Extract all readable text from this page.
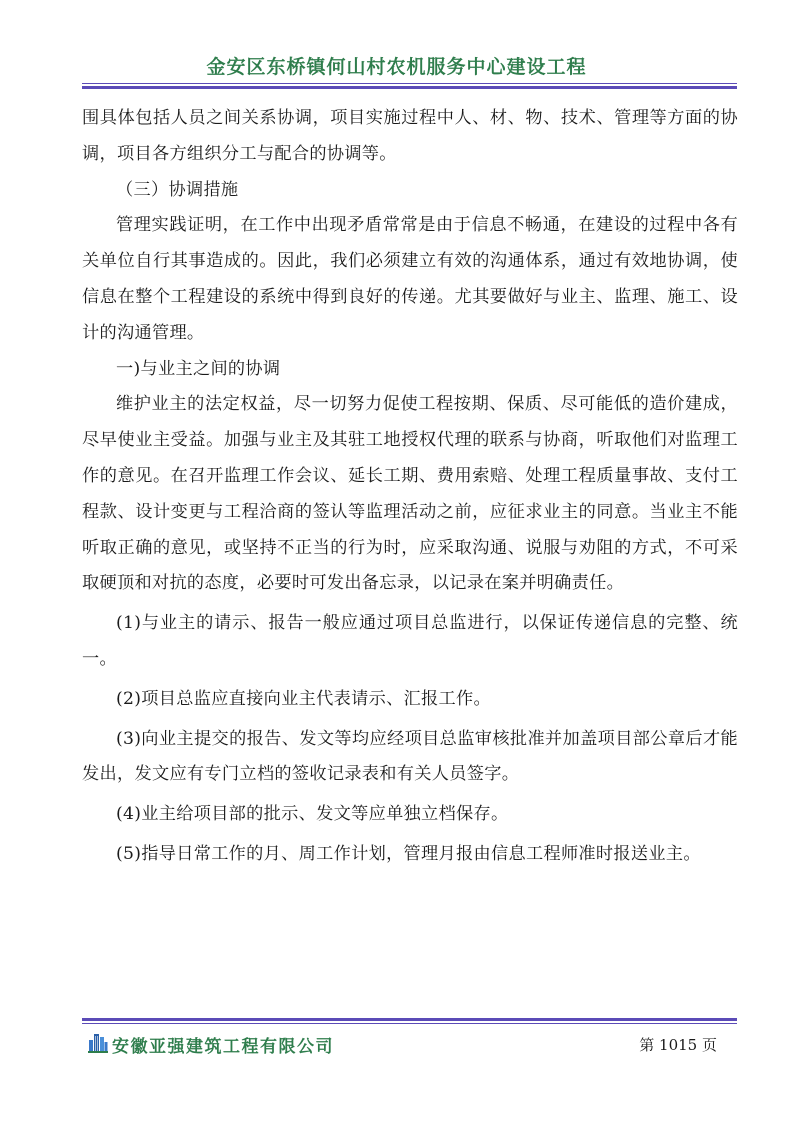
金安区东桥镇何山村农机服务中心建设工程

围具体包括人员之间关系协调，项目实施过程中人、材、物、技术、管理等方面的协调，项目各方组织分工与配合的协调等。

（三）协调措施

管理实践证明，在工作中出现矛盾常常是由于信息不畅通，在建设的过程中各有关单位自行其事造成的。因此，我们必须建立有效的沟通体系，通过有效地协调，使信息在整个工程建设的系统中得到良好的传递。尤其要做好与业主、监理、施工、设计的沟通管理。

一)与业主之间的协调

维护业主的法定权益，尽一切努力促使工程按期、保质、尽可能低的造价建成，尽早使业主受益。加强与业主及其驻工地授权代理的联系与协商，听取他们对监理工作的意见。在召开监理工作会议、延长工期、费用索赔、处理工程质量事故、支付工程款、设计变更与工程洽商的签认等监理活动之前，应征求业主的同意。当业主不能听取正确的意见，或坚持不正当的行为时，应采取沟通、说服与劝阻的方式，不可采取硬顶和对抗的态度，必要时可发出备忘录，以记录在案并明确责任。

(1)与业主的请示、报告一般应通过项目总监进行，以保证传递信息的完整、统一。

(2)项目总监应直接向业主代表请示、汇报工作。

(3)向业主提交的报告、发文等均应经项目总监审核批准并加盖项目部公章后才能发出，发文应有专门立档的签收记录表和有关人员签字。

(4)业主给项目部的批示、发文等应单独立档保存。

(5)指导日常工作的月、周工作计划，管理月报由信息工程师准时报送业主。

安徽亚强建筑工程有限公司	第 1015 页
